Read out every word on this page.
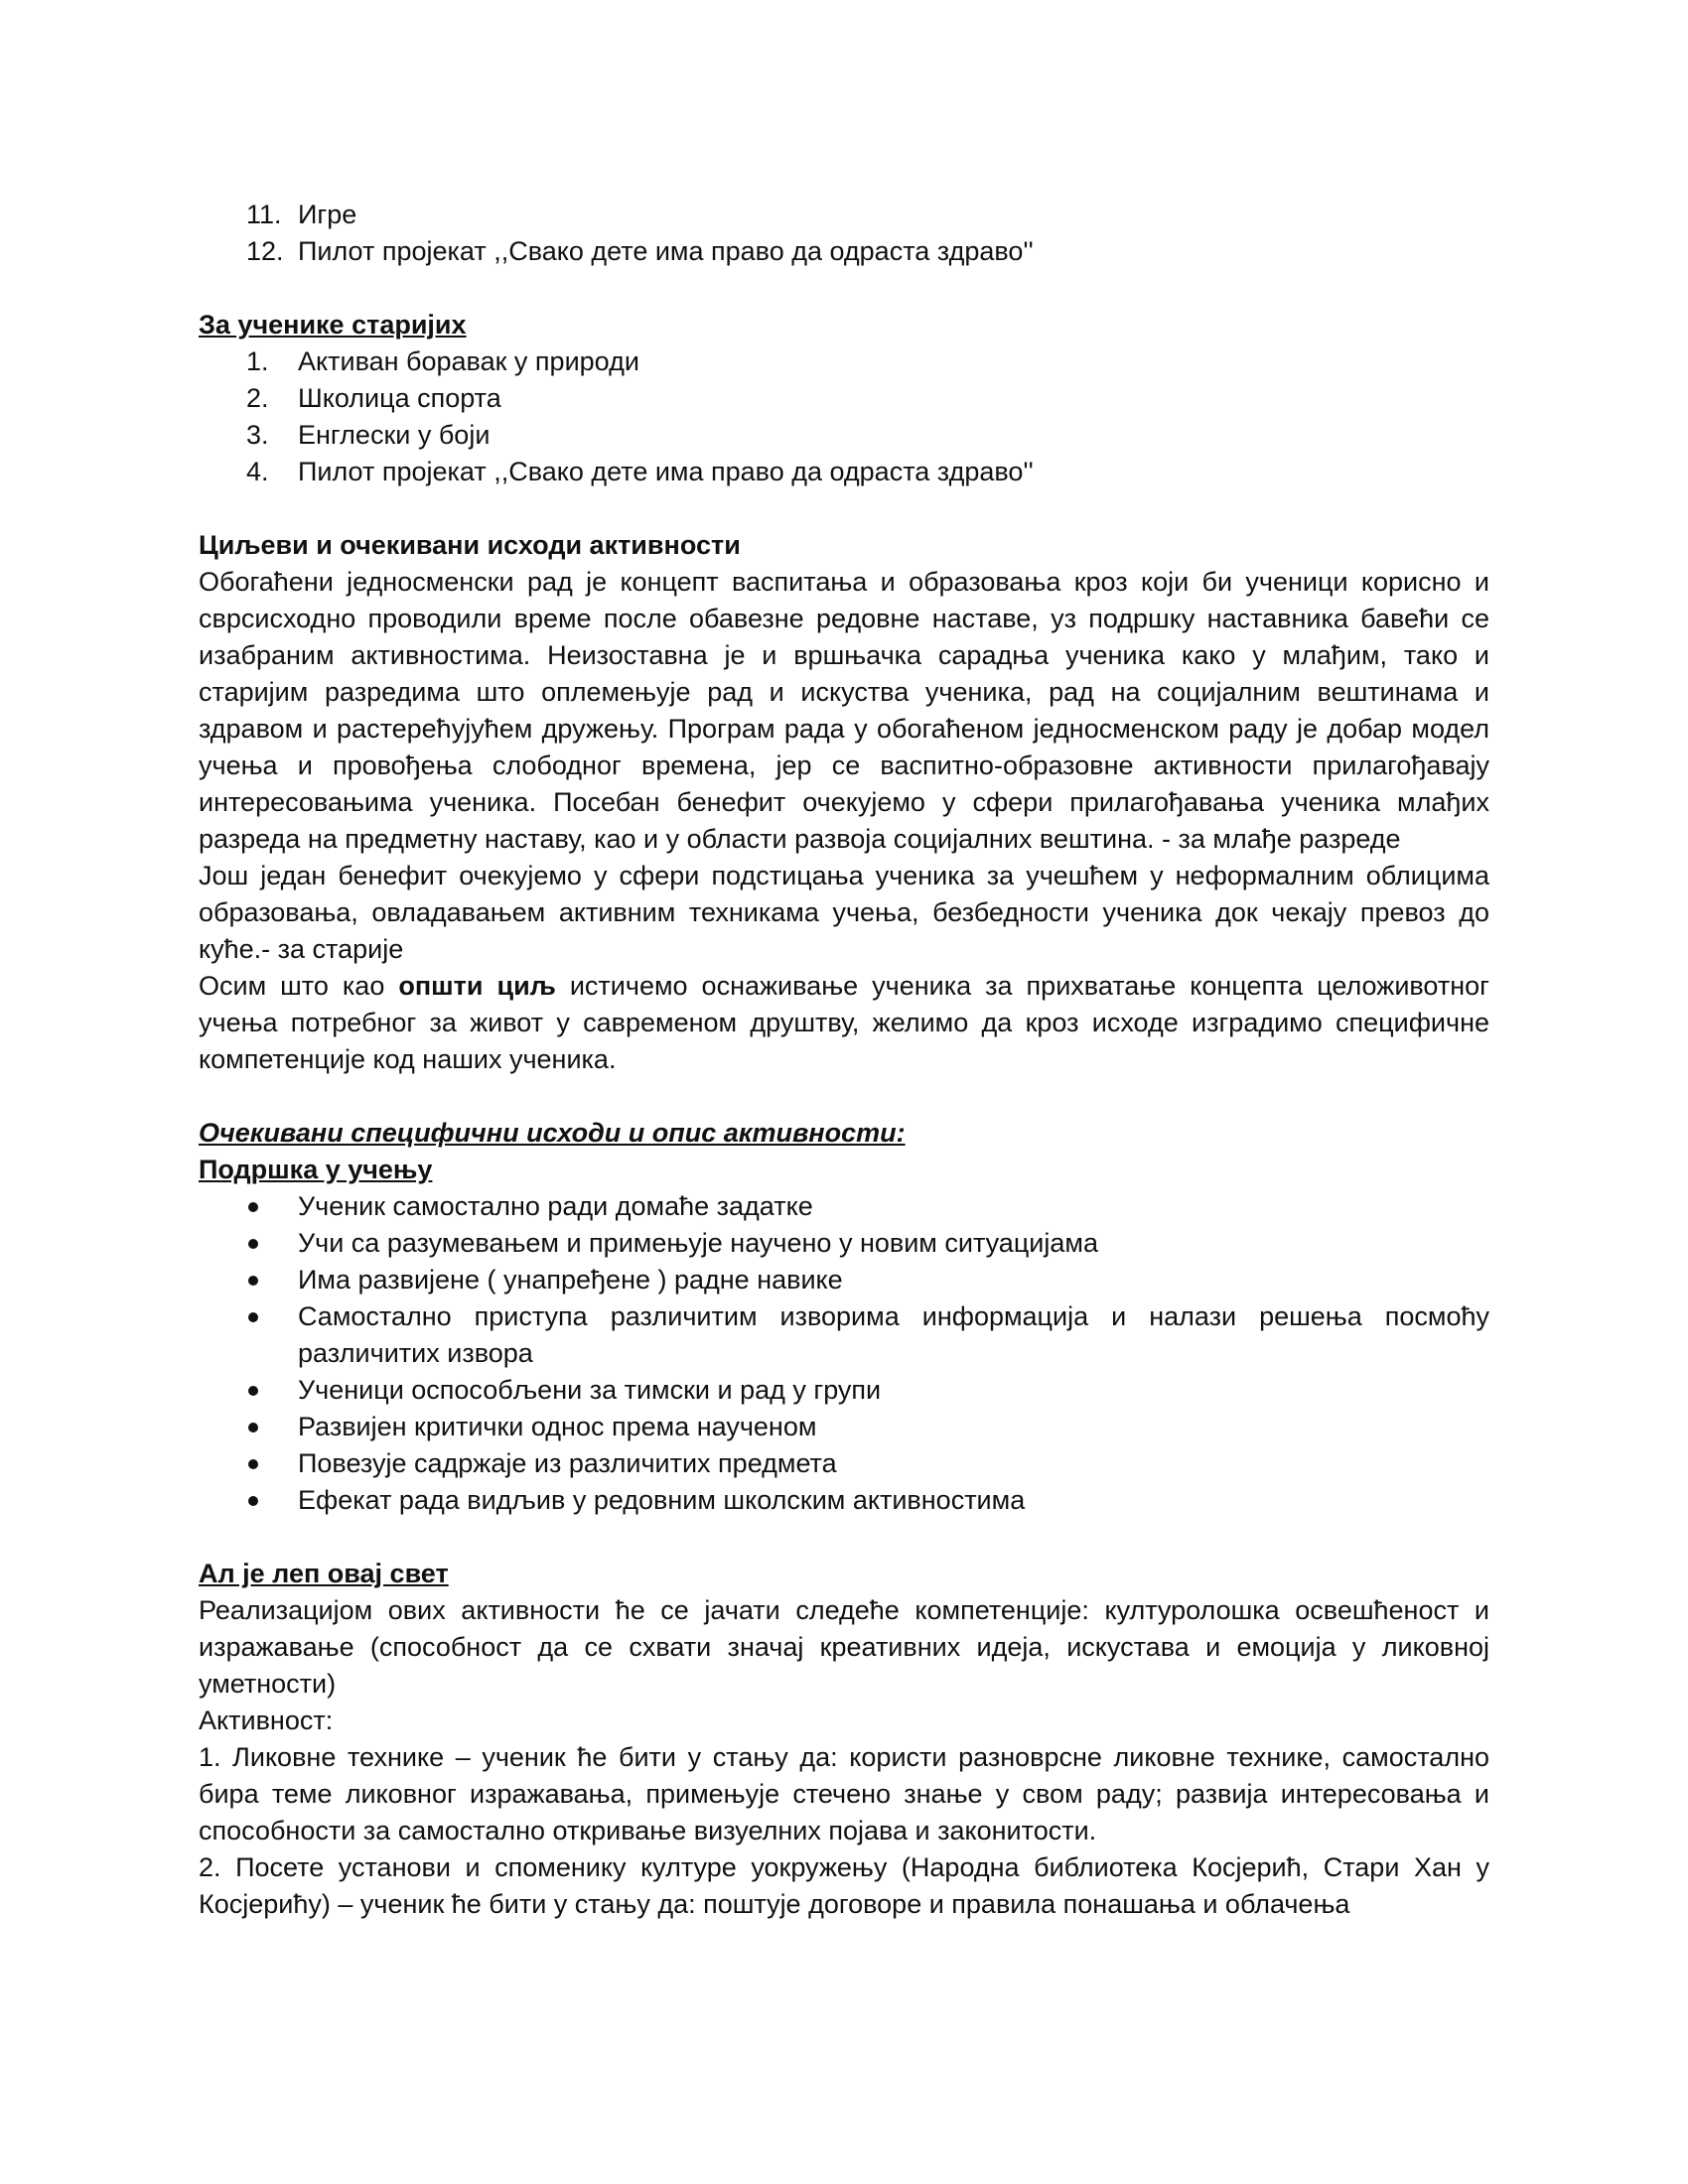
11. Игре
12. Пилот пројекат ,,Свако дете има право да одраста здраво''

За ученике старијих

1. Активан боравак у природи
2. Школица спорта
3. Енглески у боји
4. Пилот пројекат ,,Свако дете има право да одраста здраво''

Циљеви и очекивани исходи активности

Обогаћени једносменски рад је концепт васпитања и образовања кроз који би ученици корисно и сврсисходно проводили време после обавезне редовне наставе, уз подршку наставника бавећи се изабраним активностима. Неизоставна је и вршњачка сарадња ученика како у млађим, тако и старијим разредима што оплемењује рад и искуства ученика, рад на социјалним вештинама и здравом и растерећујућем дружењу. Програм рада у обогаћеном једносменском раду је добар модел учења и провођења слободног времена, јер се васпитно-образовне активности прилагођавају интересовањима ученика. Посебан бенефит очекујемо у сфери прилагођавања ученика млађих разреда на предметну наставу, као и у области развоја социјалних вештина. - за млађе разреде

Још један бенефит очекујемо у сфери подстицања ученика за учешћем у неформалним облицима образовања, овладавањем активним техникама учења, безбедности ученика док чекају превоз до куће.- за старије

Осим што као општи циљ истичемо оснаживање ученика за прихватање концепта целоживотног учења потребног за живот у савременом друштву, желимо да кроз исходе изградимо специфичне компетенције код наших ученика.

Очекивани специфични исходи и опис активности:

Подршка у учењу

Ученик самостално ради домаће задатке
Учи са разумевањем и примењује научено у новим ситуацијама
Има развијене ( унапређене ) радне навике
Самостално приступа различитим изворима информација и налази решења посмоћу различитих извора
Ученици оспособљени за тимски и рад у групи
Развијен критички однос према наученом
Повезује садржаје из различитих предмета
Ефекат рада видљив у редовним школским активностима

Ал је леп овај свет

Реализацијом ових активности ће се јачати следеће компетенције: културолошка освешћеност и изражавање (способност да се схвати значај креативних идеја, искустава и емоција у ликовној уметности)

Активност:

1. Ликовне технике – ученик ће бити у стању да: користи разноврсне ликовне технике, самостално бира теме ликовног изражавања, примењује стечено знање у свом раду; развија интересовања и способности за самостално откривање визуелних појава и законитости.

2. Посете установи и споменику културе уокружењу (Народна библиотека Косјерић, Стари Хан у Косјерићу) – ученик ће бити у стању да: поштује договоре и правила понашања и облачења
